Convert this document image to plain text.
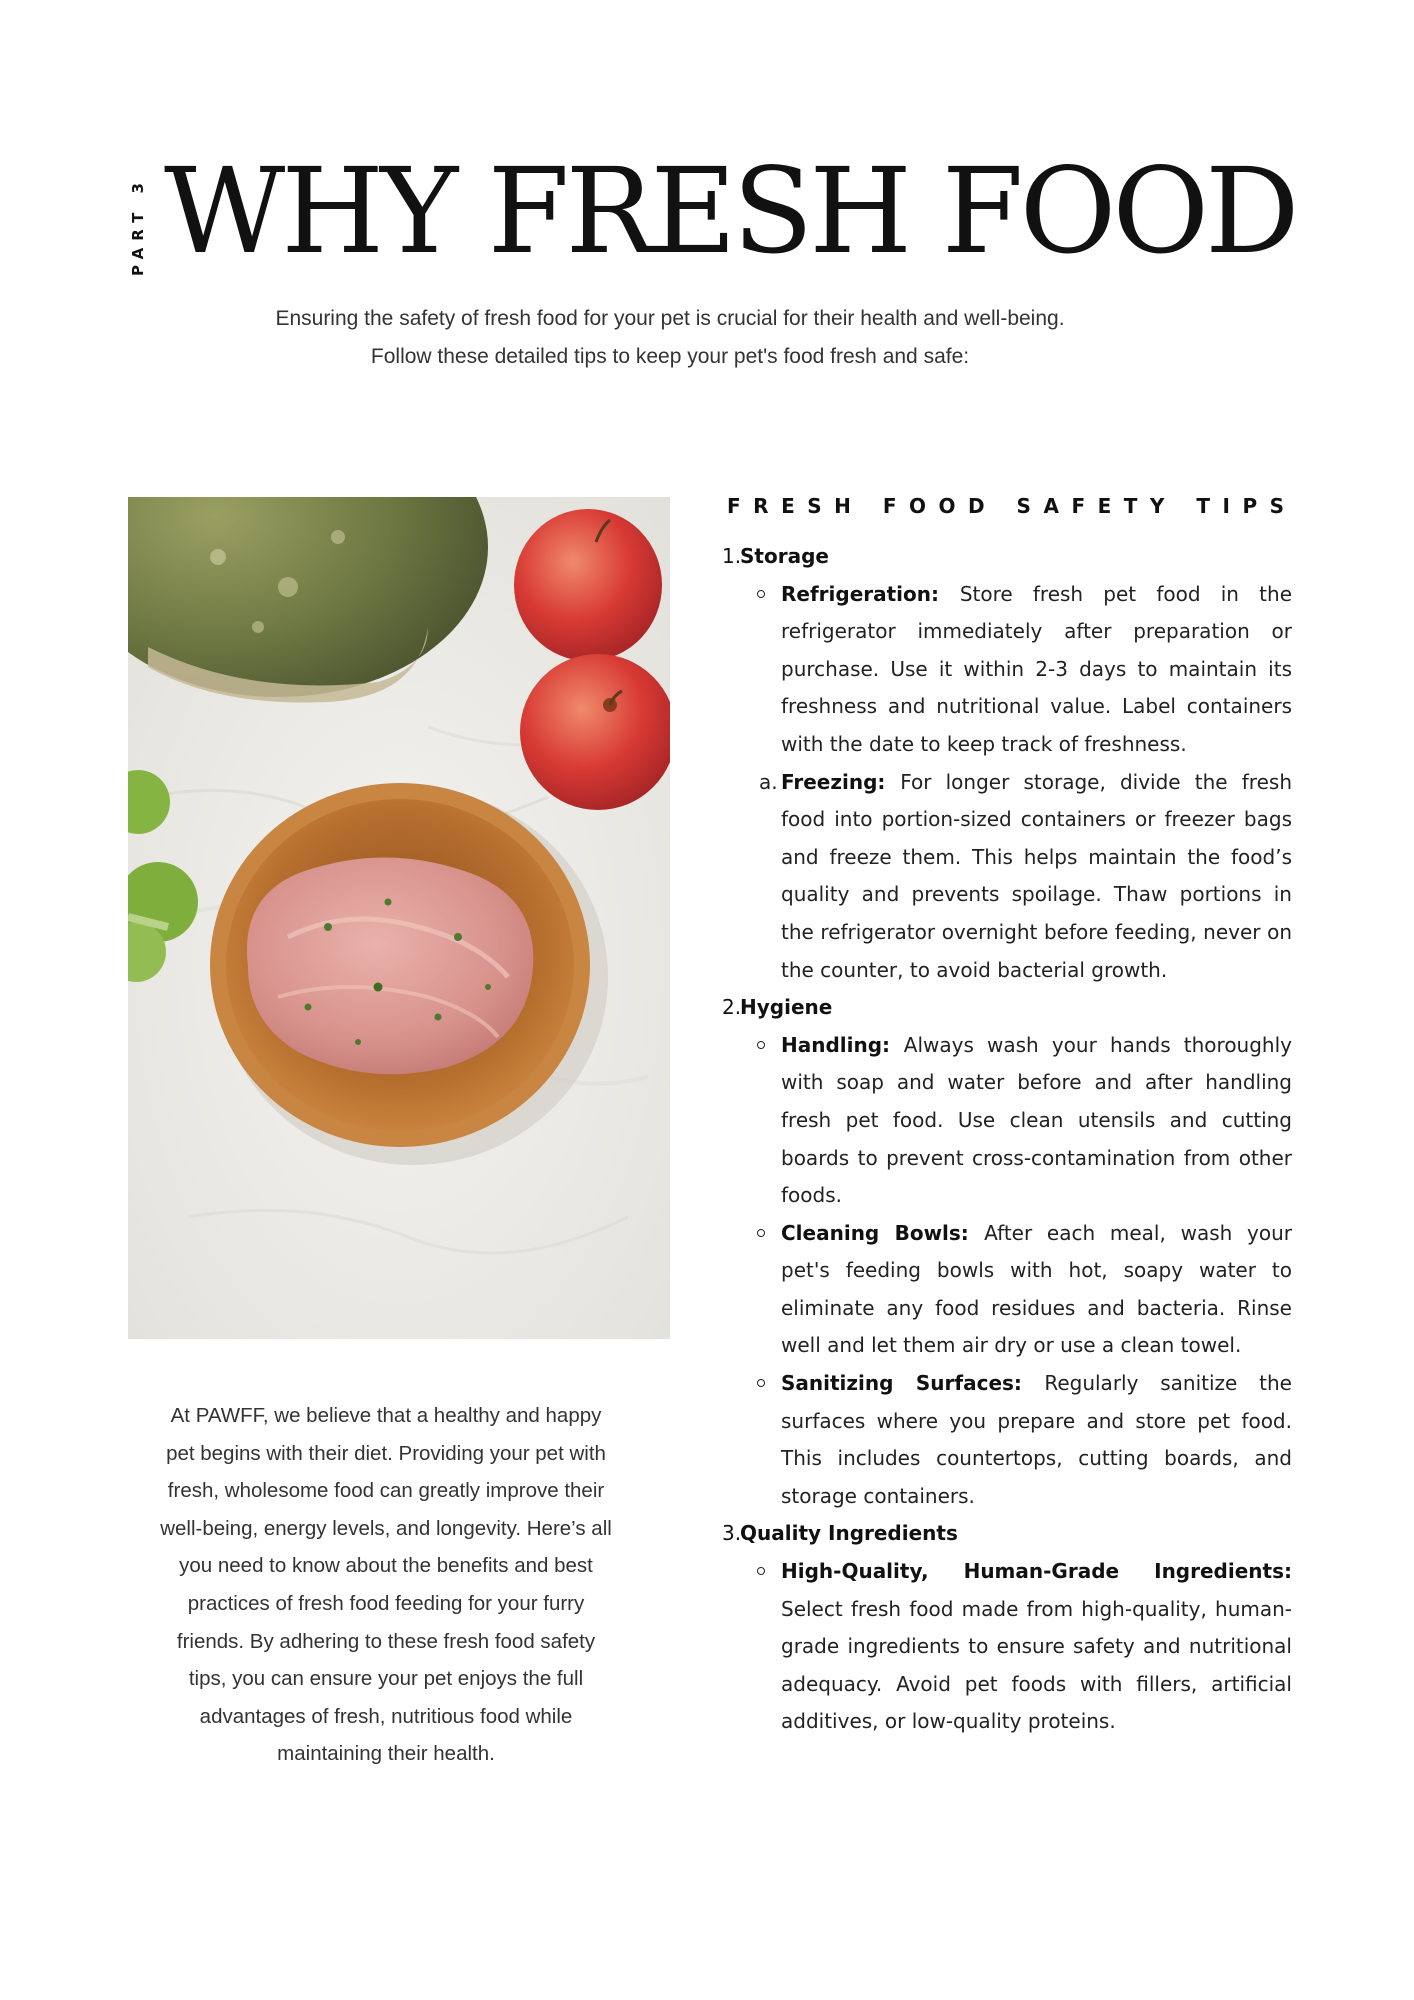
PART 3 WHY FRESH FOOD

Ensuring the safety of fresh food for your pet is crucial for their health and well-being.
Follow these detailed tips to keep your pet's food fresh and safe:

At PAWFF, we believe that a healthy and happy pet begins with their diet. Providing your pet with fresh, wholesome food can greatly improve their well-being, energy levels, and longevity. Here’s all you need to know about the benefits and best practices of fresh food feeding for your furry friends. By adhering to these fresh food safety tips, you can ensure your pet enjoys the full advantages of fresh, nutritious food while maintaining their health.

FRESH FOOD SAFETY TIPS
1.
Storage
Refrigeration: Store fresh pet food in the refrigerator immediately after preparation or purchase. Use it within 2-3 days to maintain its freshness and nutritional value. Label containers with the date to keep track of freshness.
a. Freezing: For longer storage, divide the fresh food into portion-sized containers or freezer bags and freeze them. This helps maintain the food’s quality and prevents spoilage. Thaw portions in the refrigerator overnight before feeding, never on the counter, to avoid bacterial growth.
2.
Hygiene
Handling: Always wash your hands thoroughly with soap and water before and after handling fresh pet food. Use clean utensils and cutting boards to prevent cross-contamination from other foods.
Cleaning Bowls: After each meal, wash your pet's feeding bowls with hot, soapy water to eliminate any food residues and bacteria. Rinse well and let them air dry or use a clean towel.
Sanitizing Surfaces: Regularly sanitize the surfaces where you prepare and store pet food. This includes countertops, cutting boards, and storage containers.
3.
Quality Ingredients
High-Quality, Human-Grade Ingredients: Select fresh food made from high-quality, human-grade ingredients to ensure safety and nutritional adequacy. Avoid pet foods with fillers, artificial additives, or low-quality proteins.
